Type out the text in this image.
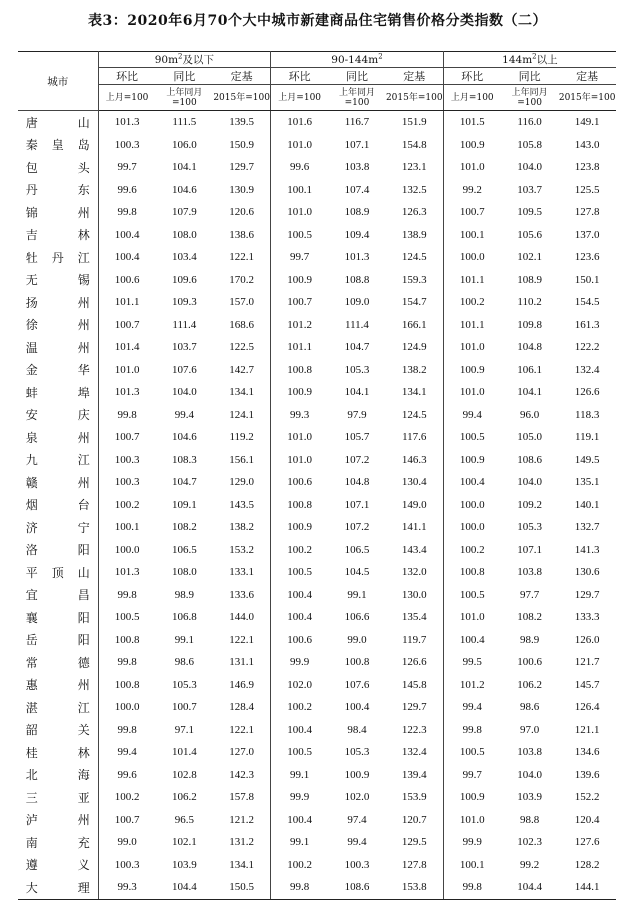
表3：2020年6月70个大中城市新建商品住宅销售价格分类指数（二）
城市	$90m^2$及以下			$90-144m^2$			$144m^2$以上		
	环比	同比	定基	环比	同比	定基	环比	同比	定基
	上月=100	上年同月=100	2015年=100	上月=100	上年同月=100	2015年=100	上月=100	上年同月=100	2015年=100
唐山	101.3	111.5	139.5	101.6	116.7	151.9	101.5	116.0	149.1
秦皇岛	100.3	106.0	150.9	101.0	107.1	154.8	100.9	105.8	143.0
包头	99.7	104.1	129.7	99.6	103.8	123.1	101.0	104.0	123.8
丹东	99.6	104.6	130.9	100.1	107.4	132.5	99.2	103.7	125.5
锦州	99.8	107.9	120.6	101.0	108.9	126.3	100.7	109.5	127.8
吉林	100.4	108.0	138.6	100.5	109.4	138.9	100.1	105.6	137.0
牡丹江	100.4	103.4	122.1	99.7	101.3	124.5	100.0	102.1	123.6
无锡	100.6	109.6	170.2	100.9	108.8	159.3	101.1	108.9	150.1
扬州	101.1	109.3	157.0	100.7	109.0	154.7	100.2	110.2	154.5
徐州	100.7	111.4	168.6	101.2	111.4	166.1	101.1	109.8	161.3
温州	101.4	103.7	122.5	101.1	104.7	124.9	101.0	104.8	122.2
金华	101.0	107.6	142.7	100.8	105.3	138.2	100.9	106.1	132.4
蚌埠	101.3	104.0	134.1	100.9	104.1	134.1	101.0	104.1	126.6
安庆	99.8	99.4	124.1	99.3	97.9	124.5	99.4	96.0	118.3
泉州	100.7	104.6	119.2	101.0	105.7	117.6	100.5	105.0	119.1
九江	100.3	108.3	156.1	101.0	107.2	146.3	100.9	108.6	149.5
赣州	100.3	104.7	129.0	100.6	104.8	130.4	100.4	104.0	135.1
烟台	100.2	109.1	143.5	100.8	107.1	149.0	100.0	109.2	140.1
济宁	100.1	108.2	138.2	100.9	107.2	141.1	100.0	105.3	132.7
洛阳	100.0	106.5	153.2	100.2	106.5	143.4	100.2	107.1	141.3
平顶山	101.3	108.0	133.1	100.5	104.5	132.0	100.8	103.8	130.6
宜昌	99.8	98.9	133.6	100.4	99.1	130.0	100.5	97.7	129.7
襄阳	100.5	106.8	144.0	100.4	106.6	135.4	101.0	108.2	133.3
岳阳	100.8	99.1	122.1	100.6	99.0	119.7	100.4	98.9	126.0
常德	99.8	98.6	131.1	99.9	100.8	126.6	99.5	100.6	121.7
惠州	100.8	105.3	146.9	102.0	107.6	145.8	101.2	106.2	145.7
湛江	100.0	100.7	128.4	100.2	100.4	129.7	99.4	98.6	126.4
韶关	99.8	97.1	122.1	100.4	98.4	122.3	99.8	97.0	121.1
桂林	99.4	101.4	127.0	100.5	105.3	132.4	100.5	103.8	134.6
北海	99.6	102.8	142.3	99.1	100.9	139.4	99.7	104.0	139.6
三亚	100.2	106.2	157.8	99.9	102.0	153.9	100.9	103.9	152.2
泸州	100.7	96.5	121.2	100.4	97.4	120.7	101.0	98.8	120.4
南充	99.0	102.1	131.2	99.1	99.4	129.5	99.9	102.3	127.6
遵义	100.3	103.9	134.1	100.2	100.3	127.8	100.1	99.2	128.2
大理	99.3	104.4	150.5	99.8	108.6	153.8	99.8	104.4	144.1
